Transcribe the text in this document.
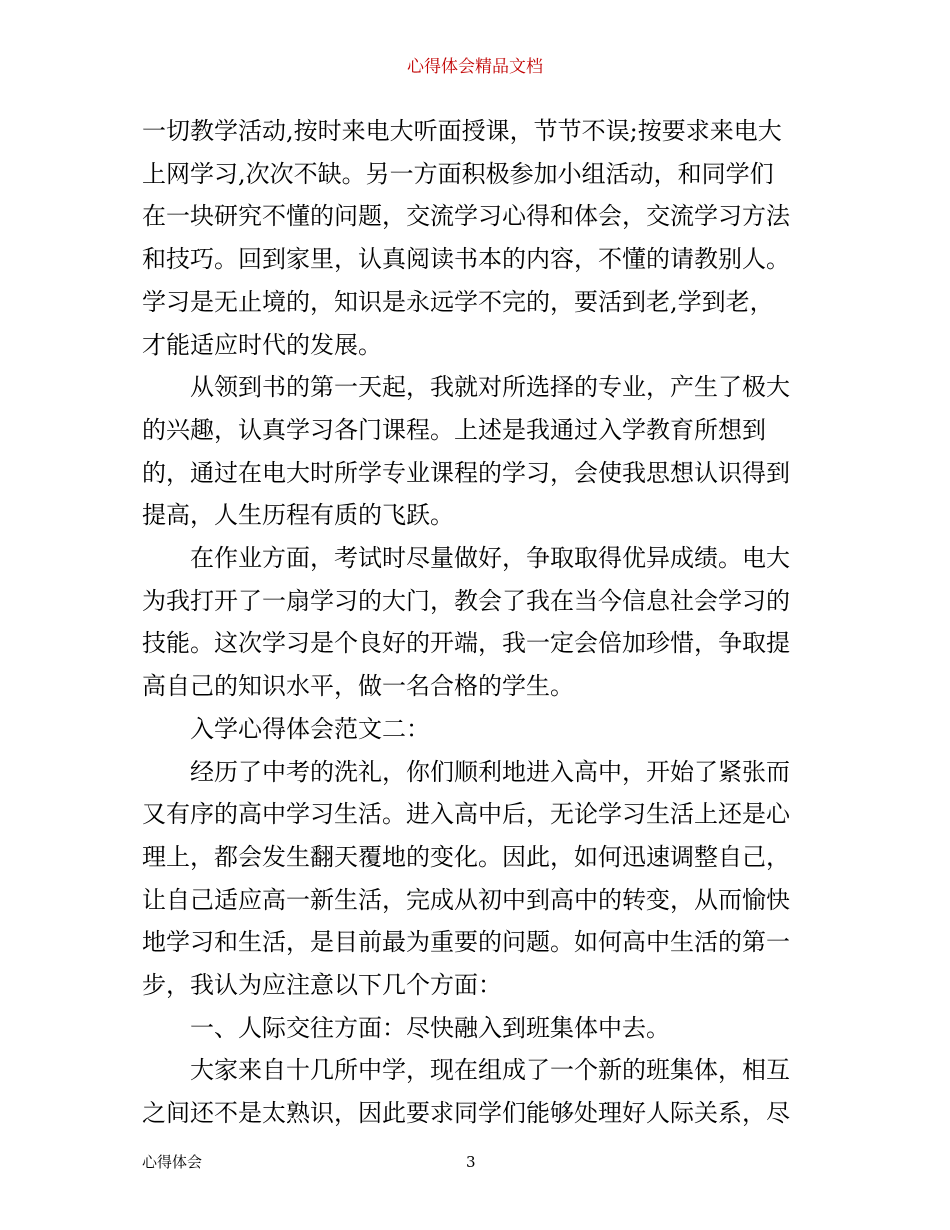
心得体会精品文档
一切教学活动,按时来电大听面授课，节节不误;按要求来电大
上网学习,次次不缺。另一方面积极参加小组活动，和同学们
在一块研究不懂的问题，交流学习心得和体会，交流学习方法
和技巧。回到家里，认真阅读书本的内容，不懂的请教别人。
学习是无止境的，知识是永远学不完的，要活到老,学到老，
才能适应时代的发展。
从领到书的第一天起，我就对所选择的专业，产生了极大
的兴趣，认真学习各门课程。上述是我通过入学教育所想到
的，通过在电大时所学专业课程的学习，会使我思想认识得到
提高，人生历程有质的飞跃。
在作业方面，考试时尽量做好，争取取得优异成绩。电大
为我打开了一扇学习的大门，教会了我在当今信息社会学习的
技能。这次学习是个良好的开端，我一定会倍加珍惜，争取提
高自己的知识水平，做一名合格的学生。
入学心得体会范文二：
经历了中考的洗礼，你们顺利地进入高中，开始了紧张而
又有序的高中学习生活。进入高中后，无论学习生活上还是心
理上，都会发生翻天覆地的变化。因此，如何迅速调整自己，
让自己适应高一新生活，完成从初中到高中的转变，从而愉快
地学习和生活，是目前最为重要的问题。如何高中生活的第一
步，我认为应注意以下几个方面：
一、人际交往方面：尽快融入到班集体中去。
大家来自十几所中学，现在组成了一个新的班集体，相互
之间还不是太熟识，因此要求同学们能够处理好人际关系，尽
心得体会	3
